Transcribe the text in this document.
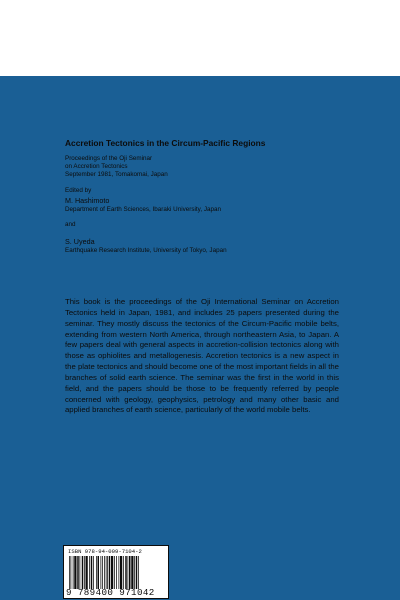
Accretion Tectonics in the Circum-Pacific Regions
Proceedings of the Oji Seminar
on Accretion Tectonics
September 1981, Tomakomai, Japan
Edited by
M. Hashimoto
Department of Earth Sciences, Ibaraki University, Japan
and
S. Uyeda
Earthquake Research Institute, University of Tokyo, Japan

This book is the proceedings of the Oji International Seminar on Accretion Tectonics held in Japan, 1981, and includes 25 papers presented during the seminar. They mostly discuss the tectonics of the Circum-Pacific mobile belts, extending from western North America, through northeastern Asia, to Japan. A few papers deal with general aspects in accretion-collision tectonics along with those as ophiolites and metallogenesis. Accretion tectonics is a new aspect in the plate tectonics and should become one of the most important fields in all the branches of solid earth science. The seminar was the first in the world in this field, and the papers should be those to be frequently referred by people concerned with geology, geophysics, petrology and many other basic and applied branches of earth science, particularly of the world mobile belts.

ISBN 978-94-009-7104-2
9 789400 971042
